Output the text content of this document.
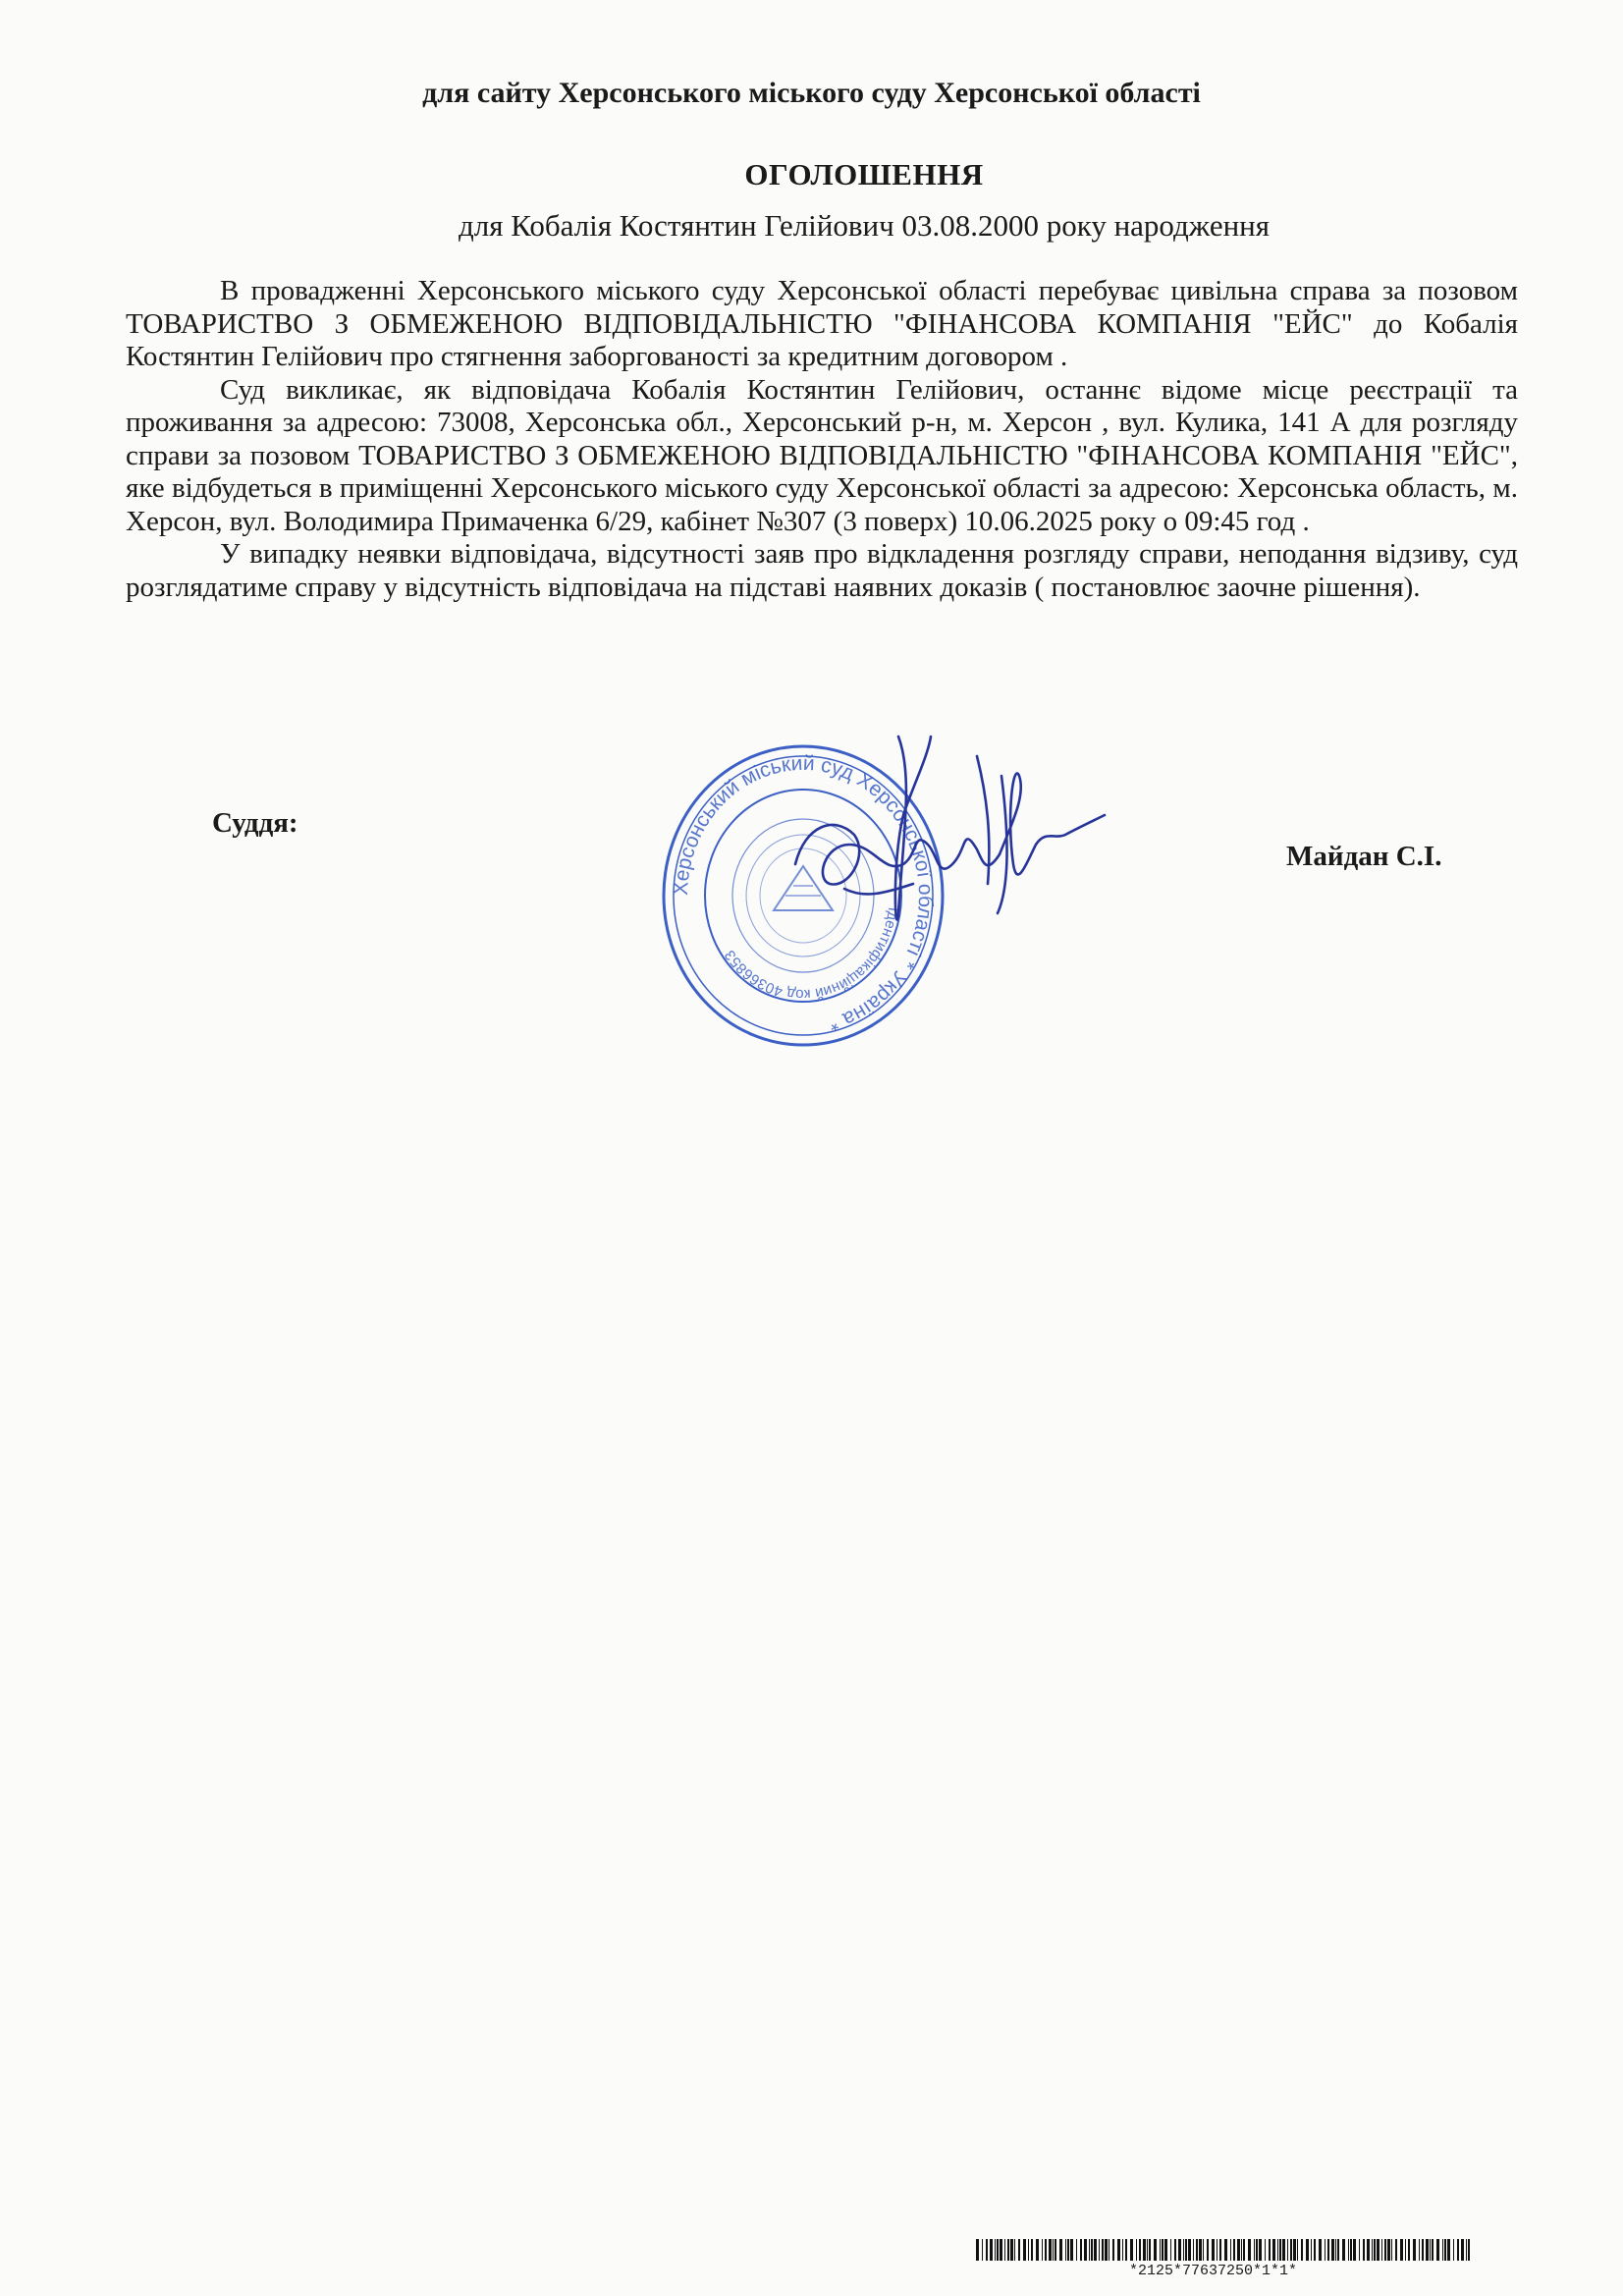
для сайту Херсонського міського суду Херсонської області
ОГОЛОШЕННЯ
для Кобалія Костянтин Гелійович 03.08.2000 року народження

В провадженні Херсонського міського суду Херсонської області перебуває цивільна справа за позовом ТОВАРИСТВО З ОБМЕЖЕНОЮ ВІДПОВІДАЛЬНІСТЮ "ФІНАНСОВА КОМПАНІЯ "ЕЙС" до Кобалія Костянтин Гелійович про стягнення заборгованості за кредитним договором .

Суд викликає, як відповідача Кобалія Костянтин Гелійович, останнє відоме місце реєстрації та проживання за адресою: 73008, Херсонська обл., Херсонський р-н, м. Херсон , вул. Кулика, 141 А для розгляду справи за позовом ТОВАРИСТВО З ОБМЕЖЕНОЮ ВІДПОВІДАЛЬНІСТЮ "ФІНАНСОВА КОМПАНІЯ "ЕЙС", яке відбудеться в приміщенні Херсонського міського суду Херсонської області за адресою: Херсонська область, м. Херсон, вул. Володимира Примаченка 6/29, кабінет №307 (3 поверх) 10.06.2025 року о 09:45 год .

У випадку неявки відповідача, відсутності заяв про відкладення розгляду справи, неподання відзиву, суд розглядатиме справу у відсутність відповідача на підставі наявних доказів ( постановлює заочне рішення).

Суддя:
Майдан С.І.
Херсонський міський суд Херсонської області * Україна *
Ідентифікаційний код 40366853
*2125*77637250*1*1*
